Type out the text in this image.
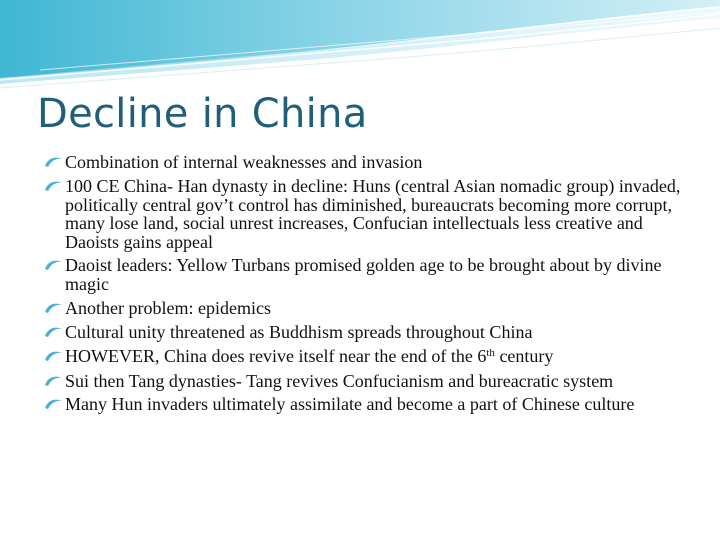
Decline in China
Combination of internal weaknesses and invasion
100 CE China- Han dynasty in decline: Huns (central Asian nomadic group) invaded, politically central gov’t control has diminished, bureaucrats becoming more corrupt, many lose land, social unrest increases, Confucian intellectuals less creative and Daoists gains appeal
Daoist leaders: Yellow Turbans promised golden age to be brought about by divine magic
Another problem: epidemics
Cultural unity threatened as Buddhism spreads throughout China
HOWEVER, China does revive itself near the end of the 6th century
Sui then Tang dynasties- Tang revives Confucianism and bureacratic system
Many Hun invaders ultimately assimilate and become a part of Chinese culture
